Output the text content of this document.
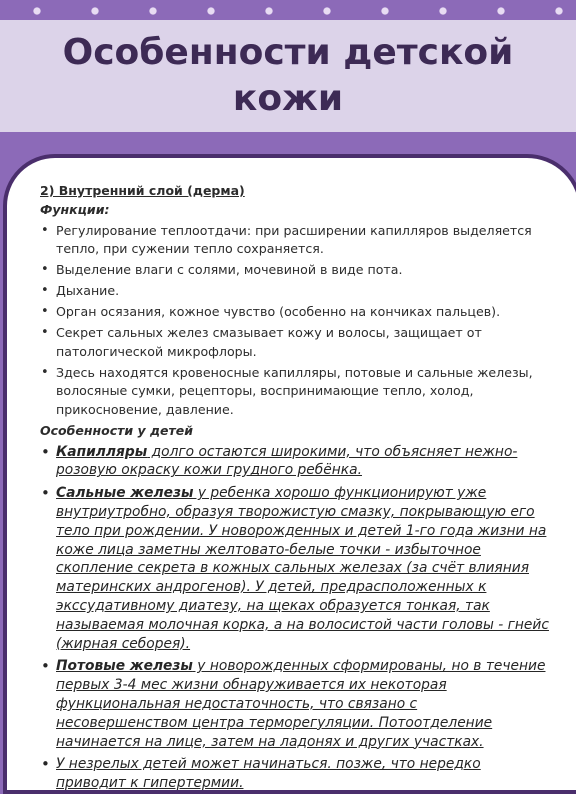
Особенности детской
кожи
2) Внутренний слой (дерма)
Функции:
• Регулирование теплоотдачи: при расширении капилляров выделяется тепло, при сужении тепло сохраняется.
• Выделение влаги с солями, мочевиной в виде пота.
• Дыхание.
• Орган осязания, кожное чувство (особенно на кончиках пальцев).
• Секрет сальных желез смазывает кожу и волосы, защищает от патологической микрофлоры.
• Здесь находятся кровеносные капилляры, потовые и сальные железы, волосяные сумки, рецепторы, воспринимающие тепло, холод, прикосновение, давление.
Особенности у детей
• Капилляры долго остаются широкими, что объясняет нежно-розовую окраску кожи грудного ребёнка.
• Сальные железы у ребенка хорошо функционируют уже внутриутробно, образуя творожистую смазку, покрывающую его тело при рождении. У новорожденных и детей 1-го года жизни на коже лица заметны желтовато-белые точки - избыточное скопление секрета в кожных сальных железах (за счёт влияния материнских андрогенов). У детей, предрасположенных к экссудативному диатезу, на щеках образуется тонкая, так называемая молочная корка, а на волосистой части головы - гнейс (жирная себорея).
• Потовые железы у новорожденных сформированы, но в течение первых 3-4 мес жизни обнаруживается их некоторая функциональная недостаточность, что связано с несовершенством центра терморегуляции. Потоотделение начинается на лице, затем на ладонях и других участках.
• У незрелых детей может начинаться. позже, что нередко приводит к гипертермии.
